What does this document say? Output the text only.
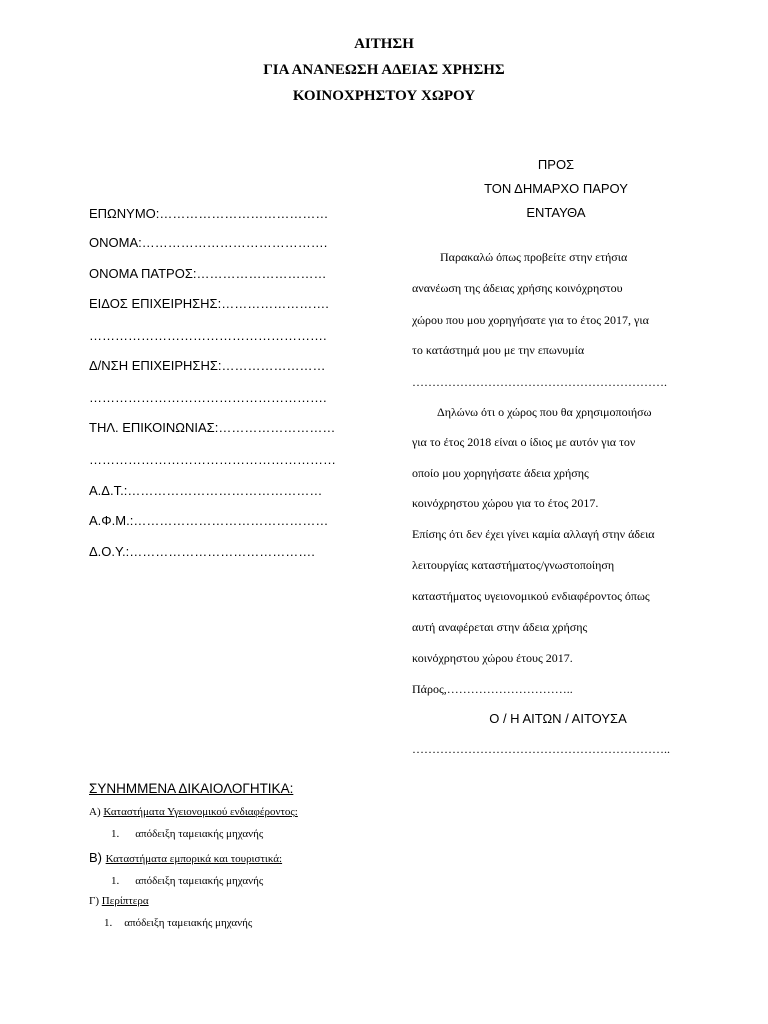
ΑΙΤΗΣΗ
ΓΙΑ ΑΝΑΝΕΩΣΗ ΑΔΕΙΑΣ ΧΡΗΣΗΣ
ΚΟΙΝΟΧΡΗΣΤΟΥ ΧΩΡΟΥ
ΠΡΟΣ
ΤΟΝ ΔΗΜΑΡΧΟ ΠΑΡΟΥ
ΕΝΤΑΥΘΑ
ΕΠΩΝΥΜΟ:…………………………………
ΟΝΟΜΑ:…………………………………….
ΟΝΟΜΑ ΠΑΤΡΟΣ:…………………………
ΕΙΔΟΣ ΕΠΙΧΕΙΡΗΣΗΣ:…………………….
……………………………………………….
Δ/ΝΣΗ ΕΠΙΧΕΙΡΗΣΗΣ:……………………
……………………………………………….
ΤΗΛ. ΕΠΙΚΟΙΝΩΝΙΑΣ:………………………
…………………………………………………
Α.Δ.Τ.:………………………………………
Α.Φ.Μ.:………………………………………
Δ.Ο.Υ.:…………………………………….
Παρακαλώ όπως προβείτε στην ετήσια
ανανέωση της άδειας χρήσης κοινόχρηστου
χώρου που μου χορηγήσατε για το έτος 2017, για
το κατάστημά μου με την επωνυμία
……………………………………………………….
Δηλώνω ότι ο χώρος που θα χρησιμοποιήσω
για το έτος 2018 είναι ο ίδιος με αυτόν για τον
οποίο μου χορηγήσατε άδεια χρήσης
κοινόχρηστου χώρου για το έτος 2017.
Επίσης ότι δεν έχει γίνει καμία αλλαγή στην άδεια
λειτουργίας καταστήματος/γνωστοποίηση
καταστήματος υγειονομικού ενδιαφέροντος όπως
αυτή αναφέρεται στην άδεια χρήσης
κοινόχρηστου χώρου έτους 2017.
Πάρος,…………………………..
Ο / Η ΑΙΤΩΝ / ΑΙΤΟΥΣΑ
………………………………………………………..
ΣΥΝΗΜΜΕΝΑ ΔΙΚΑΙΟΛΟΓΗΤΙΚΑ:
Α) Καταστήματα Υγειονομικού ενδιαφέροντος:
1. απόδειξη ταμειακής μηχανής
Β) Καταστήματα εμπορικά και τουριστικά:
1. απόδειξη ταμειακής μηχανής
Γ) Περίπτερα
1. απόδειξη ταμειακής μηχανής
